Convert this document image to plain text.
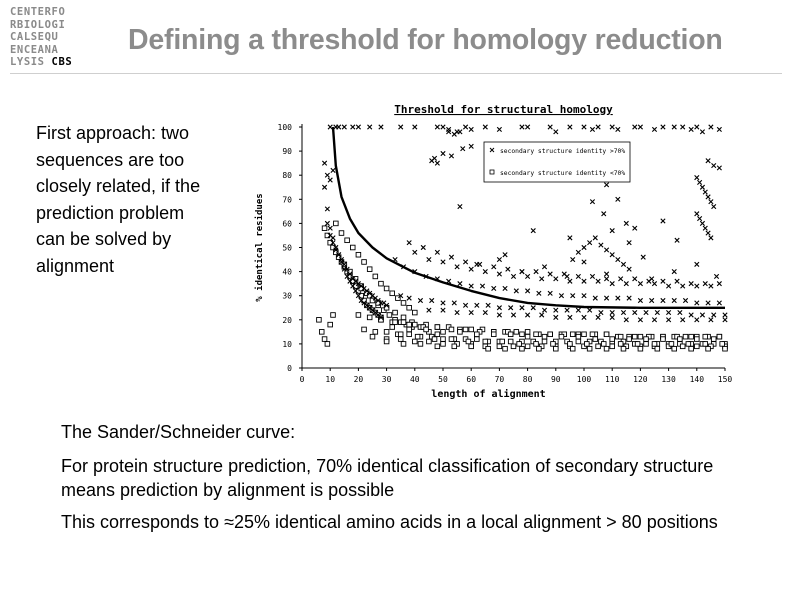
CENTERFO
RBIOLOGI
CALSEQU
ENCEANA
LYSIS CBS
Defining a threshold for homology reduction
First approach: two sequences are too closely related, if the prediction problem can be solved by alignment
Threshold for structural homology
0	10 20 30 40 50 60 70 80 90 100 110 120 130 140 150
0
10
20
30
40
50
60
70
80
90
100
length of alignment
% identical residues
secondary structure identity >70%
secondary structure identity <70%

The Sander/Schneider curve:

For protein structure prediction, 70% identical classification of secondary structure means prediction by alignment is possible

This corresponds to ≈25% identical amino acids in a local alignment > 80 positions
